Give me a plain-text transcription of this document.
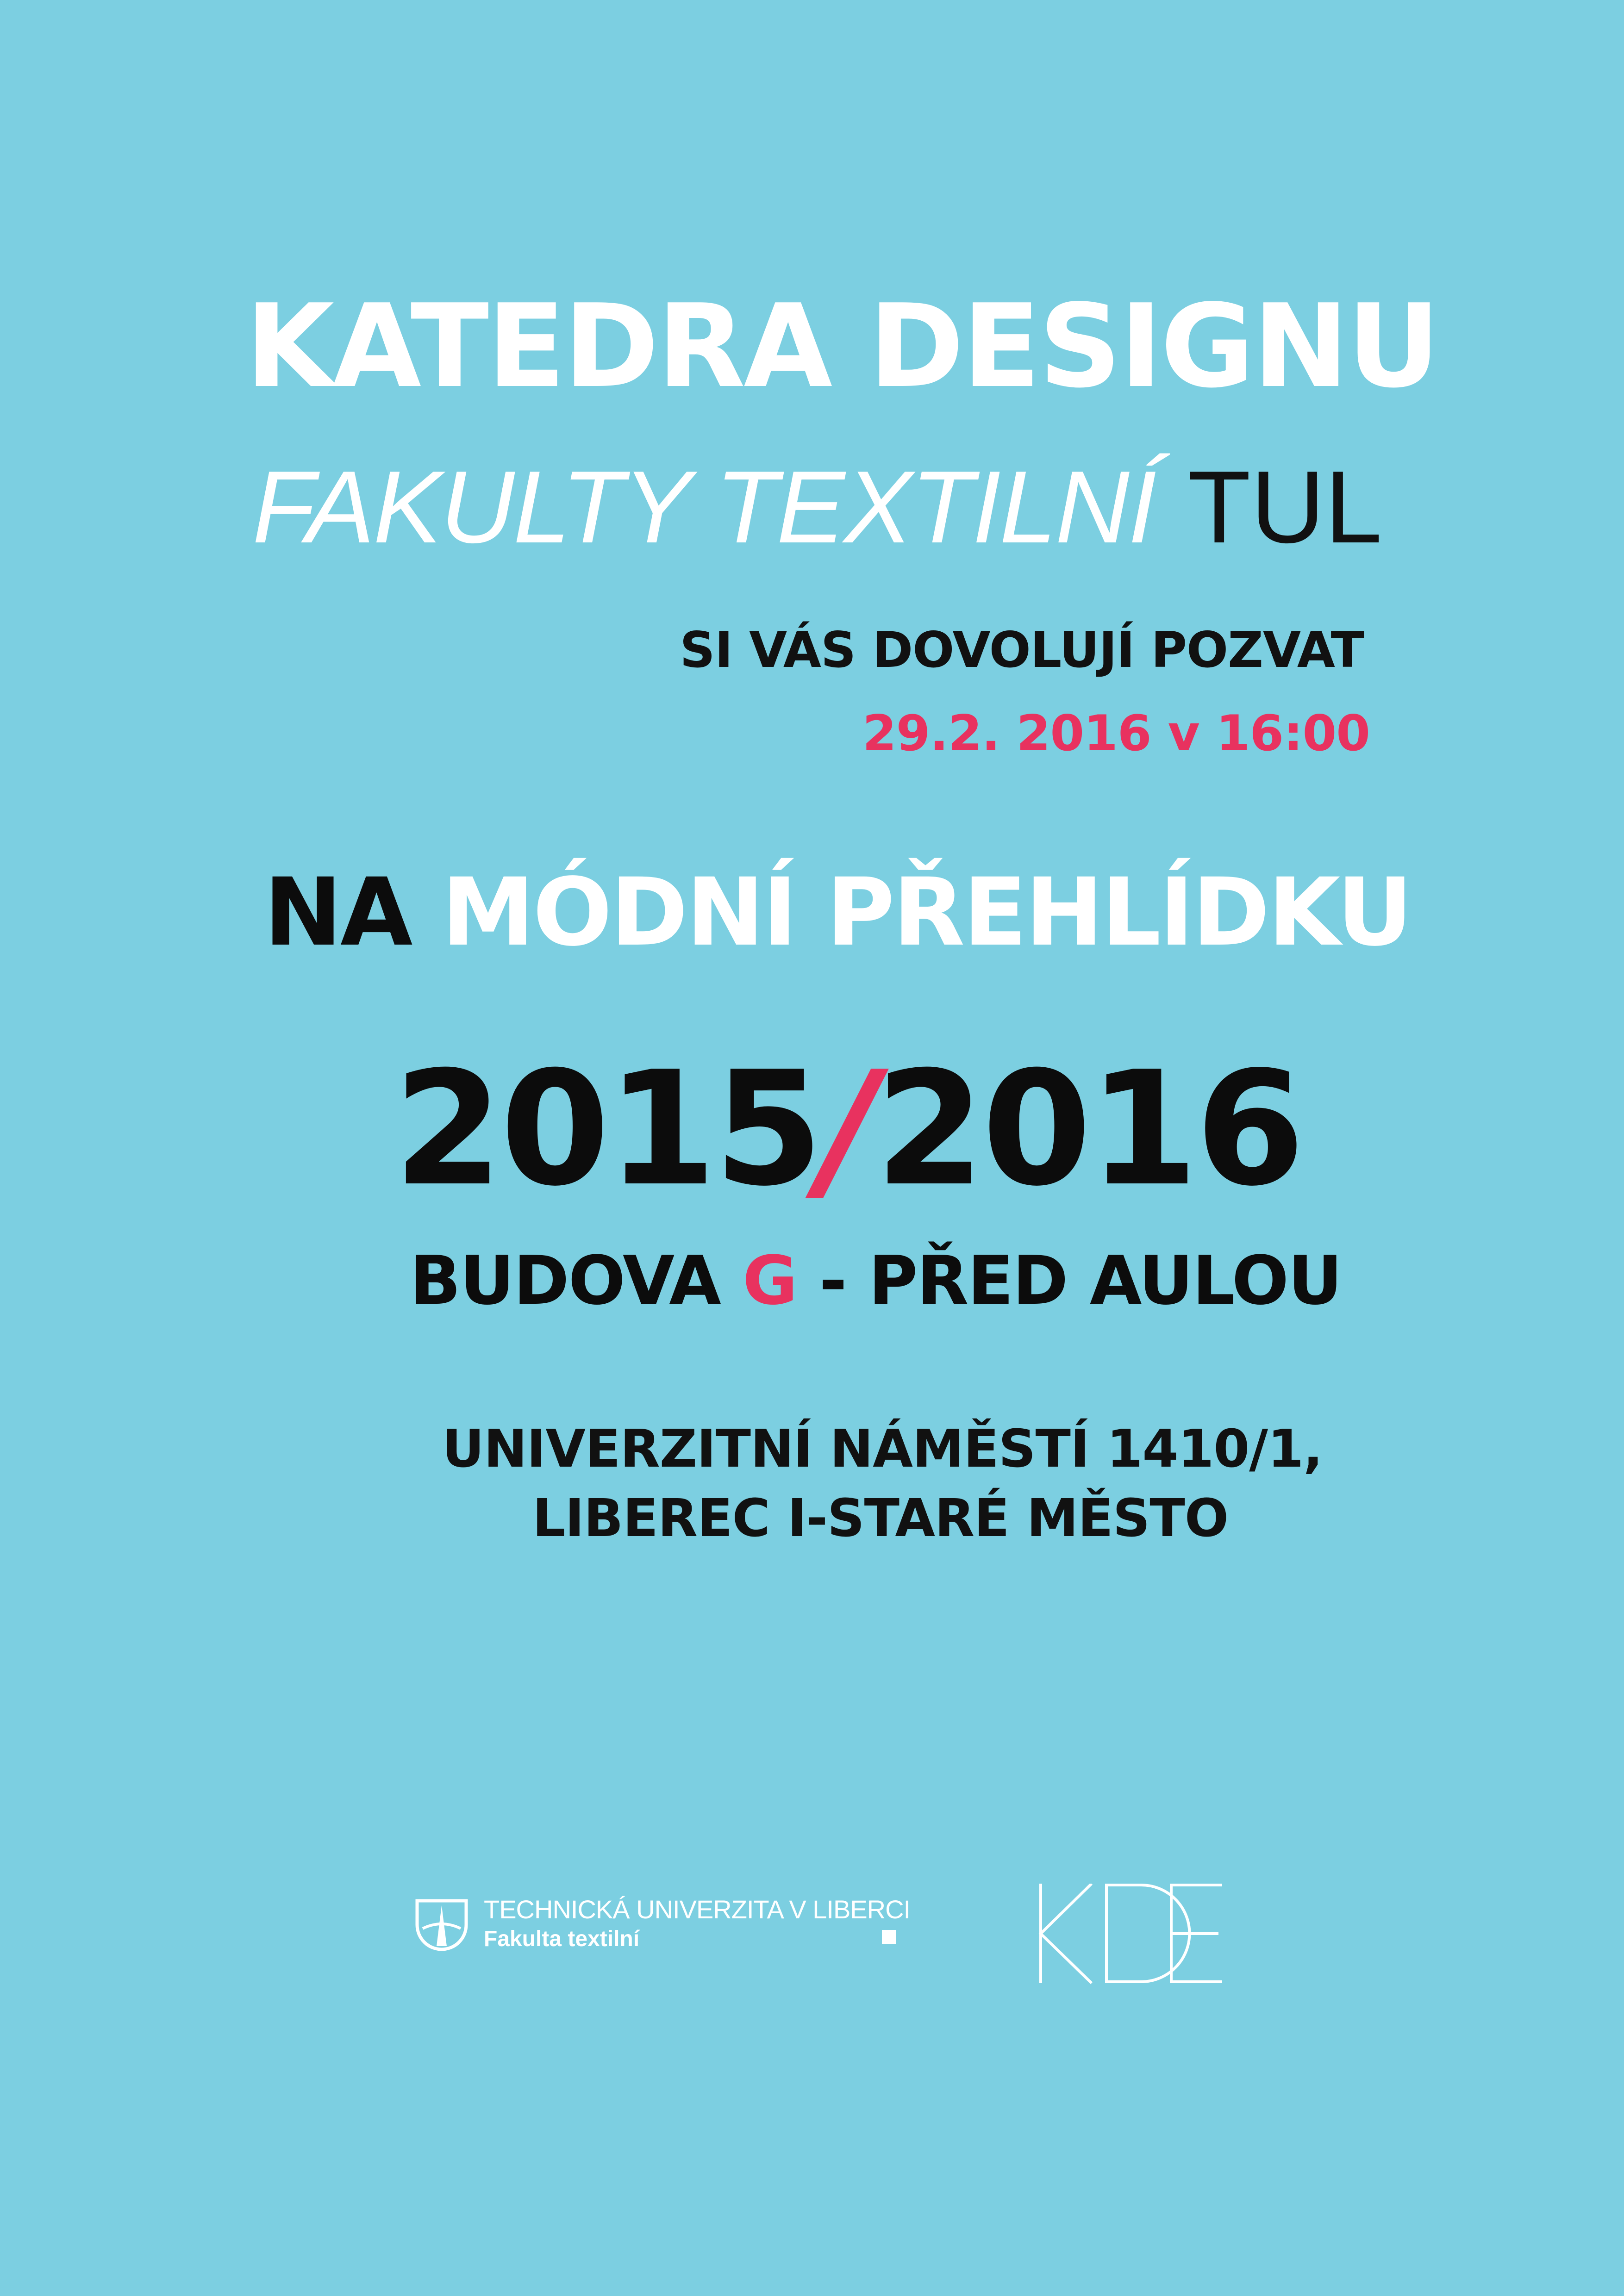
KATEDRA DESIGNU
FAKULTY TEXTILNÍ TUL
SI VÁS DOVOLUJÍ POZVAT
29.2. 2016 v 16:00
NA MÓDNÍ PŘEHLÍDKU
2015/2016
BUDOVA G - PŘED AULOU
UNIVERZITNÍ NÁMĚSTÍ 1410/1,
LIBEREC I-STARÉ MĚSTO
TECHNICKÁ UNIVERZITA V LIBERCI
Fakulta textilní
